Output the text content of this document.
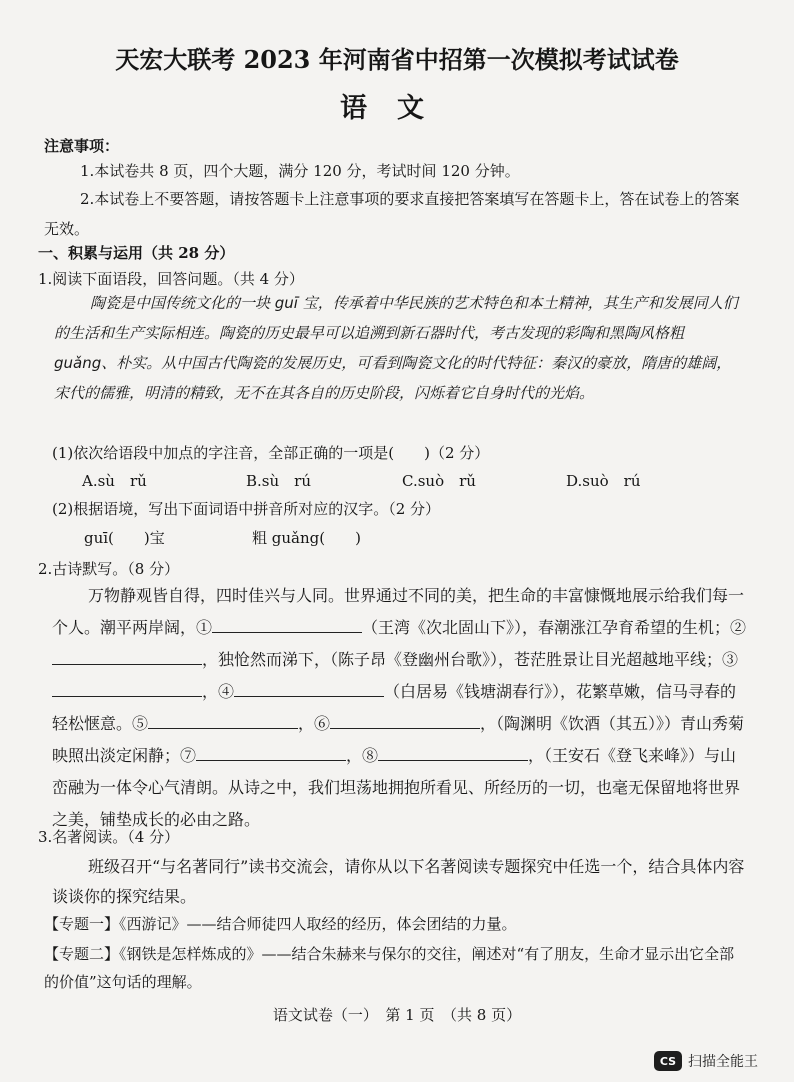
天宏大联考 2023 年河南省中招第一次模拟考试试卷
语文
注意事项：
1.本试卷共 8 页，四个大题，满分 120 分，考试时间 120 分钟。
2.本试卷上不要答题，请按答题卡上注意事项的要求直接把答案填写在答题卡上，答在试卷上的答案无效。
一、积累与运用（共 28 分）
1.阅读下面语段，回答问题。（共 4 分）
陶瓷是中国传统文化的一块 guī 宝，传承着中华民族的艺术特色和本土精神，其生产和发展同人们的生活和生产实际相连。陶瓷的历史最早可以追溯到新石器时代，考古发现的彩陶和黑陶风格粗 guǎng、朴实。从中国古代陶瓷的发展历史，可看到陶瓷文化的时代特征：秦汉的豪放，隋唐的雄阔，宋代的儒雅，明清的精致，无不在其各自的历史阶段，闪烁着它自身时代的光焰。
(1)依次给语段中加点的字注音，全部正确的一项是(　　)（2 分）
A.sù　rǔ	B.sù　rú	C.suò　rǔ	D.suò　rú
(2)根据语境，写出下面词语中拼音所对应的汉字。（2 分）
guī(　　)宝	粗 guǎng(　　)
2.古诗默写。（8 分）
万物静观皆自得，四时佳兴与人同。世界通过不同的美，把生命的丰富慷慨地展示给我们每一个人。潮平两岸阔，①	（王湾《次北固山下》），春潮涨江孕育希望的生机；②，独怆然而涕下，（陈子昂《登幽州台歌》），苍茫胜景让目光超越地平线；③，④	（白居易《钱塘湖春行》），花繁草嫩，信马寻春的轻松惬意。⑤	，⑥	，（陶渊明《饮酒（其五）》）青山秀菊映照出淡定闲静；⑦	，⑧	，（王安石《登飞来峰》）与山峦融为一体令心气清朗。从诗之中，我们坦荡地拥抱所看见、所经历的一切，也毫无保留地将世界之美，铺垫成长的必由之路。
3.名著阅读。（4 分）
班级召开“与名著同行”读书交流会，请你从以下名著阅读专题探究中任选一个，结合具体内容谈谈你的探究结果。
【专题一】《西游记》——结合师徒四人取经的经历，体会团结的力量。
【专题二】《钢铁是怎样炼成的》——结合朱赫来与保尔的交往，阐述对“有了朋友，生命才显示出它全部的价值”这句话的理解。
语文试卷（一）　第 1 页　（共 8 页）
CS 扫描全能王
